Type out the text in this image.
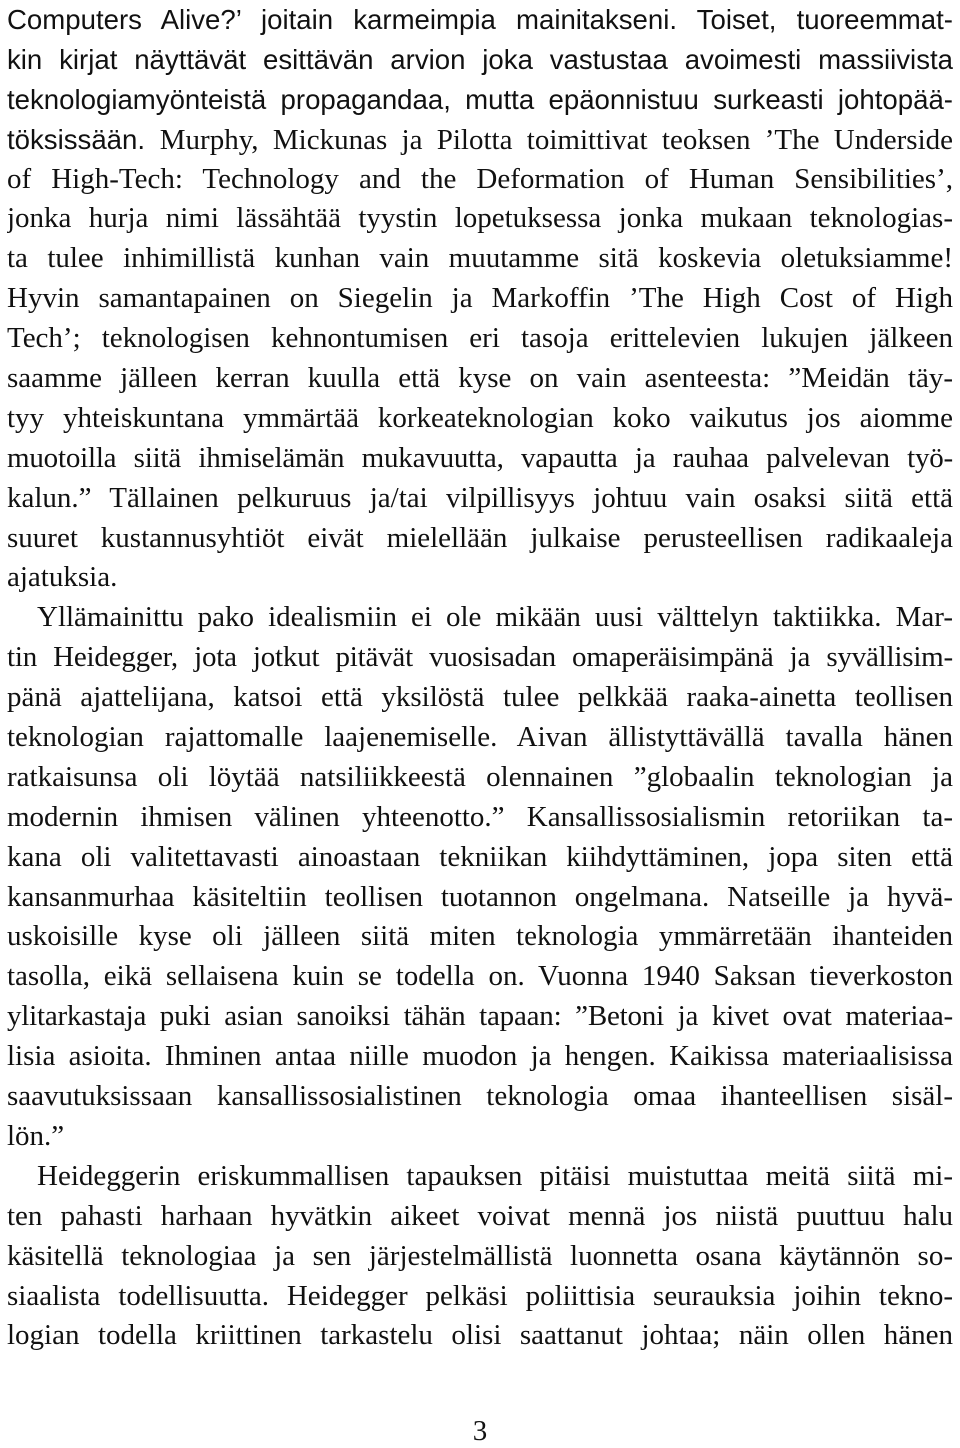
Computers Alive?’ joitain karmeimpia mainitakseni. Toiset, tuoreemmat-
kin kirjat näyttävät esittävän arvion joka vastustaa avoimesti massiivista
teknologiamyönteistä propagandaa, mutta epäonnistuu surkeasti johtopää-
töksissään. Murphy, Mickunas ja Pilotta toimittivat teoksen ’The Underside
of High-Tech: Technology and the Deformation of Human Sensibilities’,
jonka hurja nimi lässähtää tyystin lopetuksessa jonka mukaan teknologias-
ta tulee inhimillistä kunhan vain muutamme sitä koskevia oletuksiamme!
Hyvin samantapainen on Siegelin ja Markoffin ’The High Cost of High
Tech’; teknologisen kehnontumisen eri tasoja erittelevien lukujen jälkeen
saamme jälleen kerran kuulla että kyse on vain asenteesta: ”Meidän täy-
tyy yhteiskuntana ymmärtää korkeateknologian koko vaikutus jos aiomme
muotoilla siitä ihmiselämän mukavuutta, vapautta ja rauhaa palvelevan työ-
kalun.” Tällainen pelkuruus ja/tai vilpillisyys johtuu vain osaksi siitä että
suuret kustannusyhtiöt eivät mielellään julkaise perusteellisen radikaaleja
ajatuksia.
Yllämainittu pako idealismiin ei ole mikään uusi välttelyn taktiikka. Mar-
tin Heidegger, jota jotkut pitävät vuosisadan omaperäisimpänä ja syvällisim-
pänä ajattelijana, katsoi että yksilöstä tulee pelkkää raaka-ainetta teollisen
teknologian rajattomalle laajenemiselle. Aivan ällistyttävällä tavalla hänen
ratkaisunsa oli löytää natsiliikkeestä olennainen ”globaalin teknologian ja
modernin ihmisen välinen yhteenotto.” Kansallissosialismin retoriikan ta-
kana oli valitettavasti ainoastaan tekniikan kiihdyttäminen, jopa siten että
kansanmurhaa käsiteltiin teollisen tuotannon ongelmana. Natseille ja hyvä-
uskoisille kyse oli jälleen siitä miten teknologia ymmärretään ihanteiden
tasolla, eikä sellaisena kuin se todella on. Vuonna 1940 Saksan tieverkoston
ylitarkastaja puki asian sanoiksi tähän tapaan: ”Betoni ja kivet ovat materiaa-
lisia asioita. Ihminen antaa niille muodon ja hengen. Kaikissa materiaalisissa
saavutuksissaan kansallissosialistinen teknologia omaa ihanteellisen sisäl-
lön.”
Heideggerin eriskummallisen tapauksen pitäisi muistuttaa meitä siitä mi-
ten pahasti harhaan hyvätkin aikeet voivat mennä jos niistä puuttuu halu
käsitellä teknologiaa ja sen järjestelmällistä luonnetta osana käytännön so-
siaalista todellisuutta. Heidegger pelkäsi poliittisia seurauksia joihin tekno-
logian todella kriittinen tarkastelu olisi saattanut johtaa; näin ollen hänen
3
